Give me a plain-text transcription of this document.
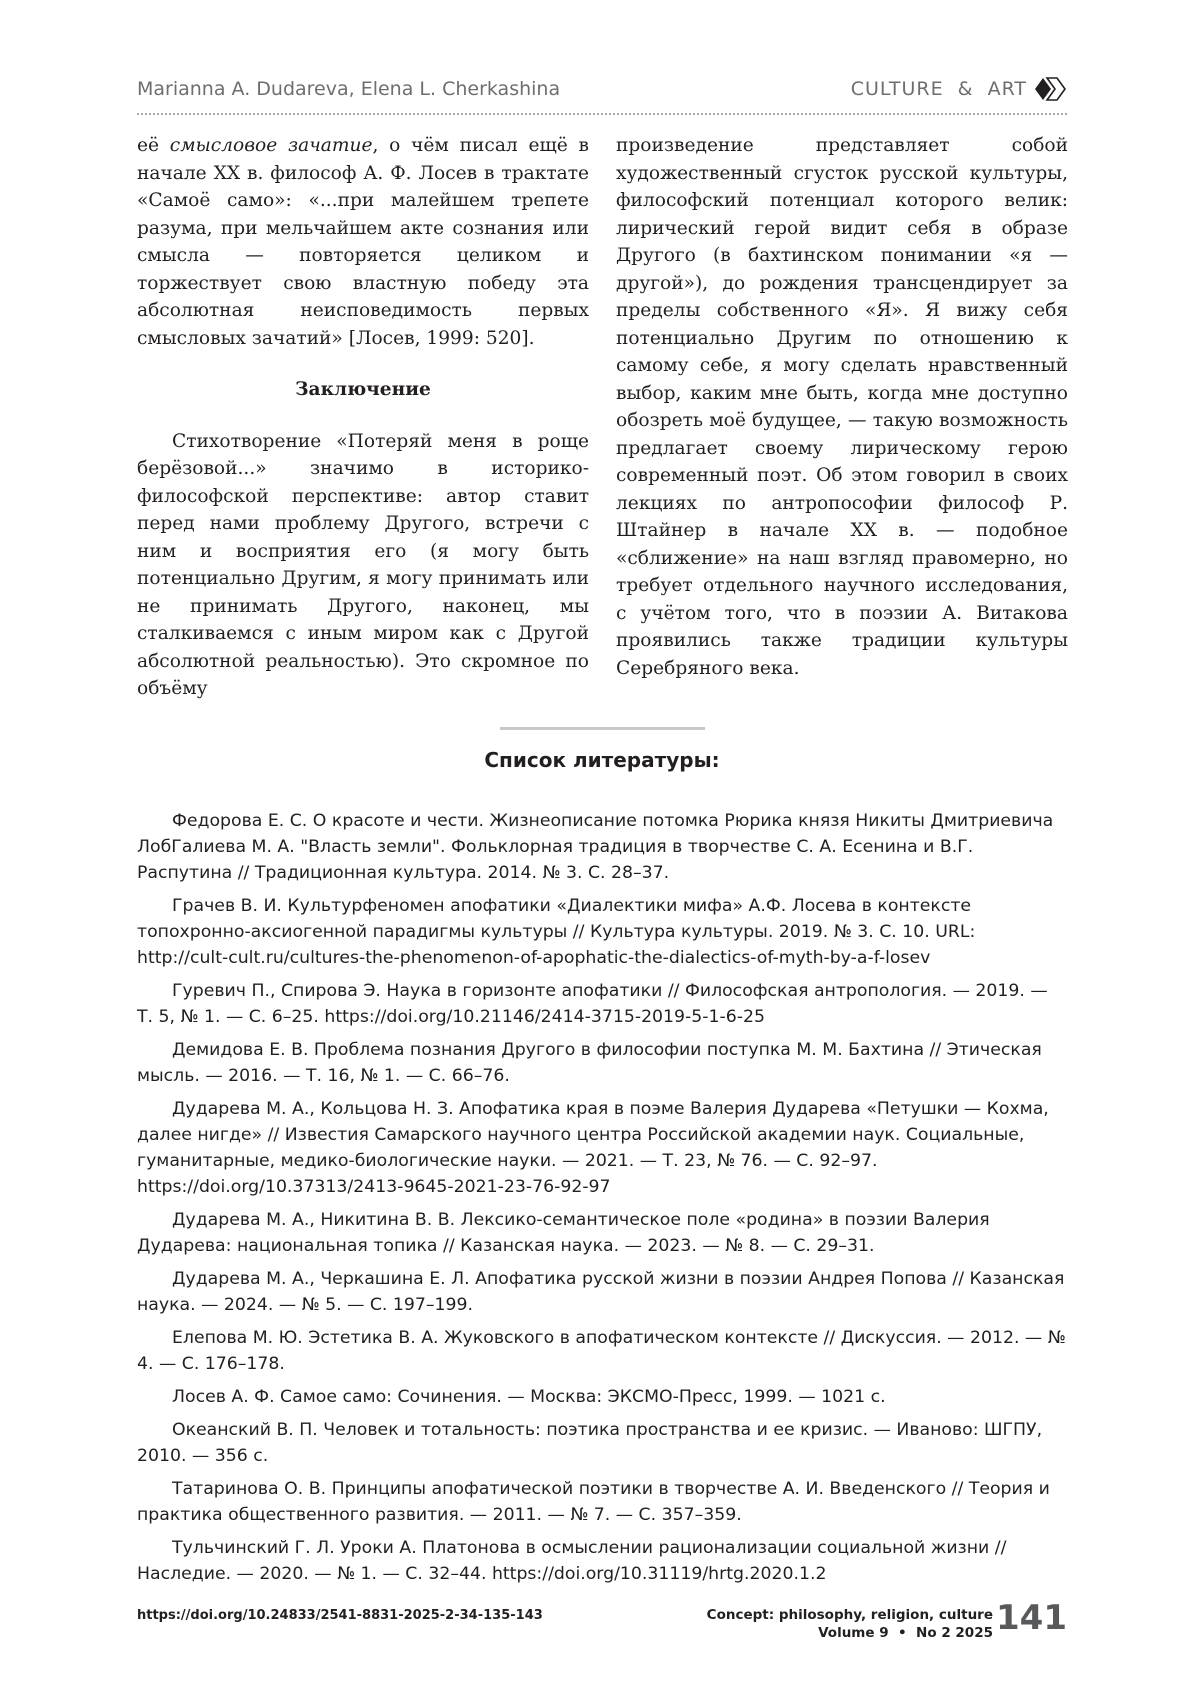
Marianna A. Dudareva, Elena L. Cherkashina	CULTURE  &  ART

её смысловое зачатие, о чём писал ещё в начале XX в. философ А. Ф. Лосев в трактате «Самоё само»: «...при малейшем трепете разума, при мельчайшем акте сознания или смысла — повторяется целиком и торжествует свою властную победу эта абсолютная неисповедимость первых смысловых зачатий» [Лосев, 1999: 520].

Заключение

Стихотворение «Потеряй меня в роще берёзовой...» значимо в историко-философской перспективе: автор ставит перед нами проблему Другого, встречи с ним и восприятия его (я могу быть потенциально Другим, я могу принимать или не принимать Другого, наконец, мы сталкиваемся с иным миром как с Другой абсолютной реальностью). Это скромное по объёму

произведение представляет собой художественный сгусток русской культуры, философский потенциал которого велик: лирический герой видит себя в образе Другого (в бахтинском понимании «я — другой»), до рождения трансцендирует за пределы собственного «Я». Я вижу себя потенциально Другим по отношению к самому себе, я могу сделать нравственный выбор, каким мне быть, когда мне доступно обозреть моё будущее, — такую возможность предлагает своему лирическому герою современный поэт. Об этом говорил в своих лекциях по антропософии философ Р. Штайнер в начале XX в. — подобное «сближение» на наш взгляд правомерно, но требует отдельного научного исследования, с учётом того, что в поэзии А. Витакова проявились также традиции культуры Серебряного века.

Список литературы:

Федорова Е. С. О красоте и чести. Жизнеописание потомка Рюрика князя Никиты Дмитриевича ЛобГалиева М. А. "Власть земли". Фольклорная традиция в творчестве С. А. Есенина и В.Г. Распутина // Традиционная культура. 2014. № 3. С. 28–37.

Грачев В. И. Культурфеномен апофатики «Диалектики мифа» А.Ф. Лосева в контексте топохронно-аксиогенной парадигмы культуры // Культура культуры. 2019. № 3. С. 10. URL: http://cult-cult.ru/cultures-the-phenomenon-of-apophatic-the-dialectics-of-myth-by-a-f-losev

Гуревич П., Спирова Э. Наука в горизонте апофатики // Философская антропология. — 2019. — Т. 5, № 1. — С. 6–25. https://doi.org/10.21146/2414-3715-2019-5-1-6-25

Демидова Е. В. Проблема познания Другого в философии поступка М. М. Бахтина // Этическая мысль. — 2016. — Т. 16, № 1. — С. 66–76.

Дударева М. А., Кольцова Н. З. Апофатика края в поэме Валерия Дударева «Петушки — Кохма, далее нигде» // Известия Самарского научного центра Российской академии наук. Социальные, гуманитарные, медико-биологические науки. — 2021. — Т. 23, № 76. — С. 92–97. https://doi.org/10.37313/2413-9645-2021-23-76-92-97

Дударева М. А., Никитина В. В. Лексико-семантическое поле «родина» в поэзии Валерия Дударева: национальная топика // Казанская наука. — 2023. — № 8. — С. 29–31.

Дударева М. А., Черкашина Е. Л. Апофатика русской жизни в поэзии Андрея Попова // Казанская наука. — 2024. — № 5. — С. 197–199.

Елепова М. Ю. Эстетика В. А. Жуковского в апофатическом контексте // Дискуссия. — 2012. — № 4. — С. 176–178.

Лосев А. Ф. Самое само: Сочинения. — Москва: ЭКСМО-Пресс, 1999. — 1021 с.

Океанский В. П. Человек и тотальность: поэтика пространства и ее кризис. — Иваново: ШГПУ, 2010. — 356 с.

Татаринова О. В. Принципы апофатической поэтики в творчестве А. И. Введенского // Теория и практика общественного развития. — 2011. — № 7. — С. 357–359.

Тульчинский Г. Л. Уроки А. Платонова в осмыслении рационализации социальной жизни // Наследие. — 2020. — № 1. — С. 32–44. https://doi.org/10.31119/hrtg.2020.1.2

https://doi.org/10.24833/2541-8831-2025-2-34-135-143	Concept: philosophy, religion, culture
Volume 9  •  No 2 2025 141
